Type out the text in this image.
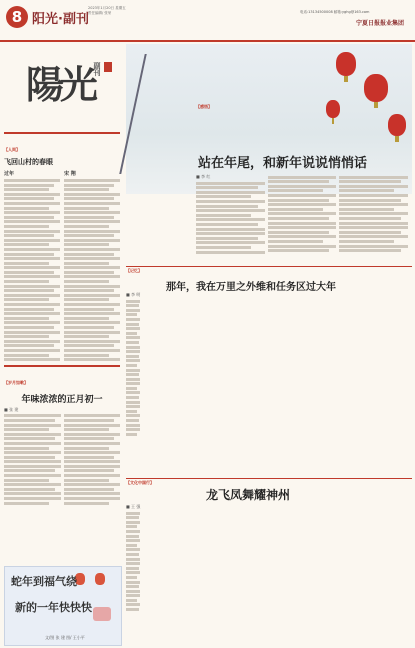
8 阳光·副刊
2023年1月20日 星期五
责任编辑/ 张荣	电话:13134500008 邮箱:yghg@163.com
宁夏日报报业集团
陽光
副刊
【人间】
飞回山村的春眼
过年	宋 翔
【岁月如歌】
年味浓浓的正月初一
■ 张 建
蛇年到福气绕
新的一年快快快
文/图 张 建 图/ 王小平
【感悟】
站在年尾，和新年说说悄悄话
■ 李 红
【记忆】
那年，我在万里之外维和任务区过大年
■ 李 明
【文化中国行】
龙飞凤舞耀神州
■ 王 强
